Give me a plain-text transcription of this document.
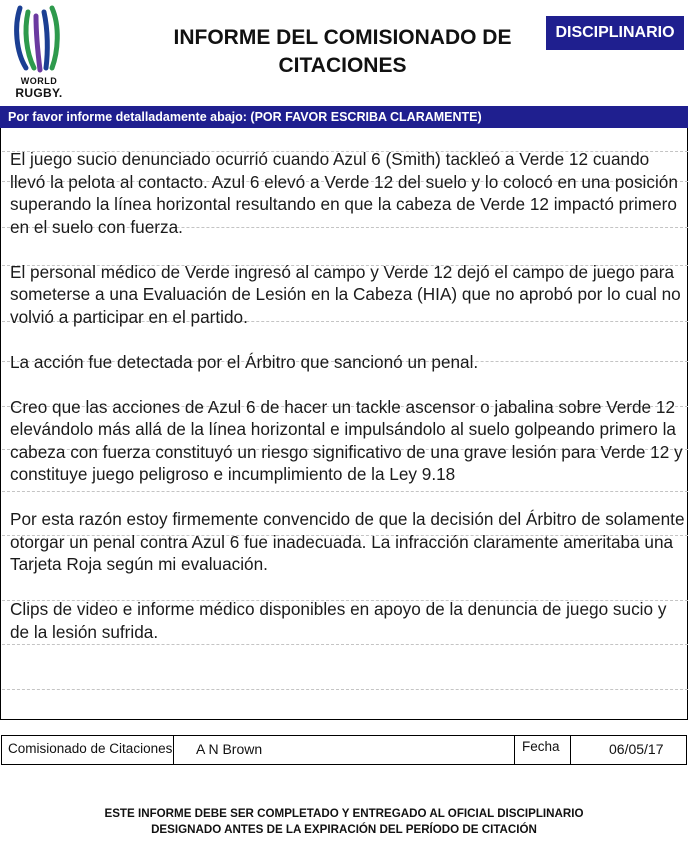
WORLD
RUGBY.
INFORME DEL COMISIONADO DE
CITACIONES
DISCIPLINARIO
Por favor informe detalladamente abajo: (POR FAVOR ESCRIBA CLARAMENTE)

El juego sucio denunciado ocurrió cuando Azul 6 (Smith) tackleó a Verde 12 cuando llevó la pelota al contacto. Azul 6 elevó a Verde 12 del suelo y lo colocó en una posición superando la línea horizontal resultando en que la cabeza de Verde 12 impactó primero en el suelo con fuerza.

El personal médico de Verde ingresó al campo y Verde 12 dejó el campo de juego para someterse a una Evaluación de Lesión en la Cabeza (HIA) que no aprobó por lo cual no volvió a participar en el partido.

La acción fue detectada por el Árbitro que sancionó un penal.

Creo que las acciones de Azul 6 de hacer un tackle ascensor o jabalina sobre Verde 12 elevándolo más allá de la línea horizontal e impulsándolo al suelo golpeando primero la cabeza con fuerza constituyó un riesgo significativo de una grave lesión para Verde 12 y constituye juego peligroso e incumplimiento de la Ley 9.18

Por esta razón estoy firmemente convencido de que la decisión del Árbitro de solamente otorgar un penal contra Azul 6 fue inadecuada. La infracción claramente ameritaba una Tarjeta Roja según mi evaluación.

Clips de video e informe médico disponibles en apoyo de la denuncia de juego sucio y de la lesión sufrida.

Comisionado de Citaciones	A N Brown	Fecha	06/05/17
ESTE INFORME DEBE SER COMPLETADO Y ENTREGADO AL OFICIAL DISCIPLINARIO
DESIGNADO ANTES DE LA EXPIRACIÓN DEL PERÍODO DE CITACIÓN
